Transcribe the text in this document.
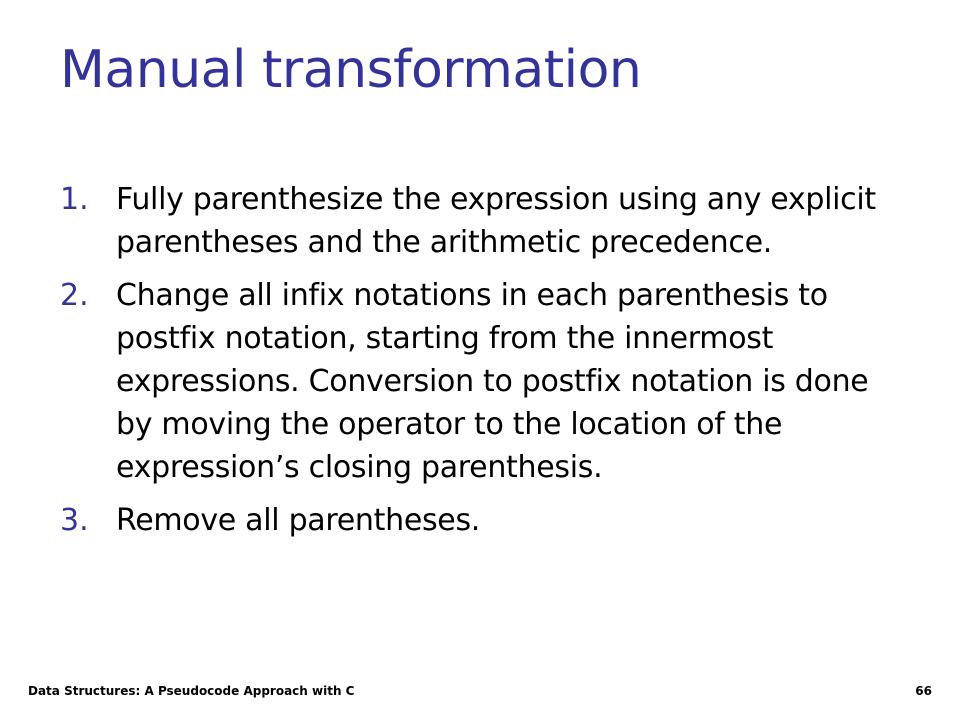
Manual transformation
1. Fully parenthesize the expression using any explicit parentheses and the arithmetic precedence.
2. Change all infix notations in each parenthesis to postfix notation, starting from the innermost expressions. Conversion to postfix notation is done by moving the operator to the location of the expression’s closing parenthesis.
3. Remove all parentheses.
Data Structures: A Pseudocode Approach with C	66
